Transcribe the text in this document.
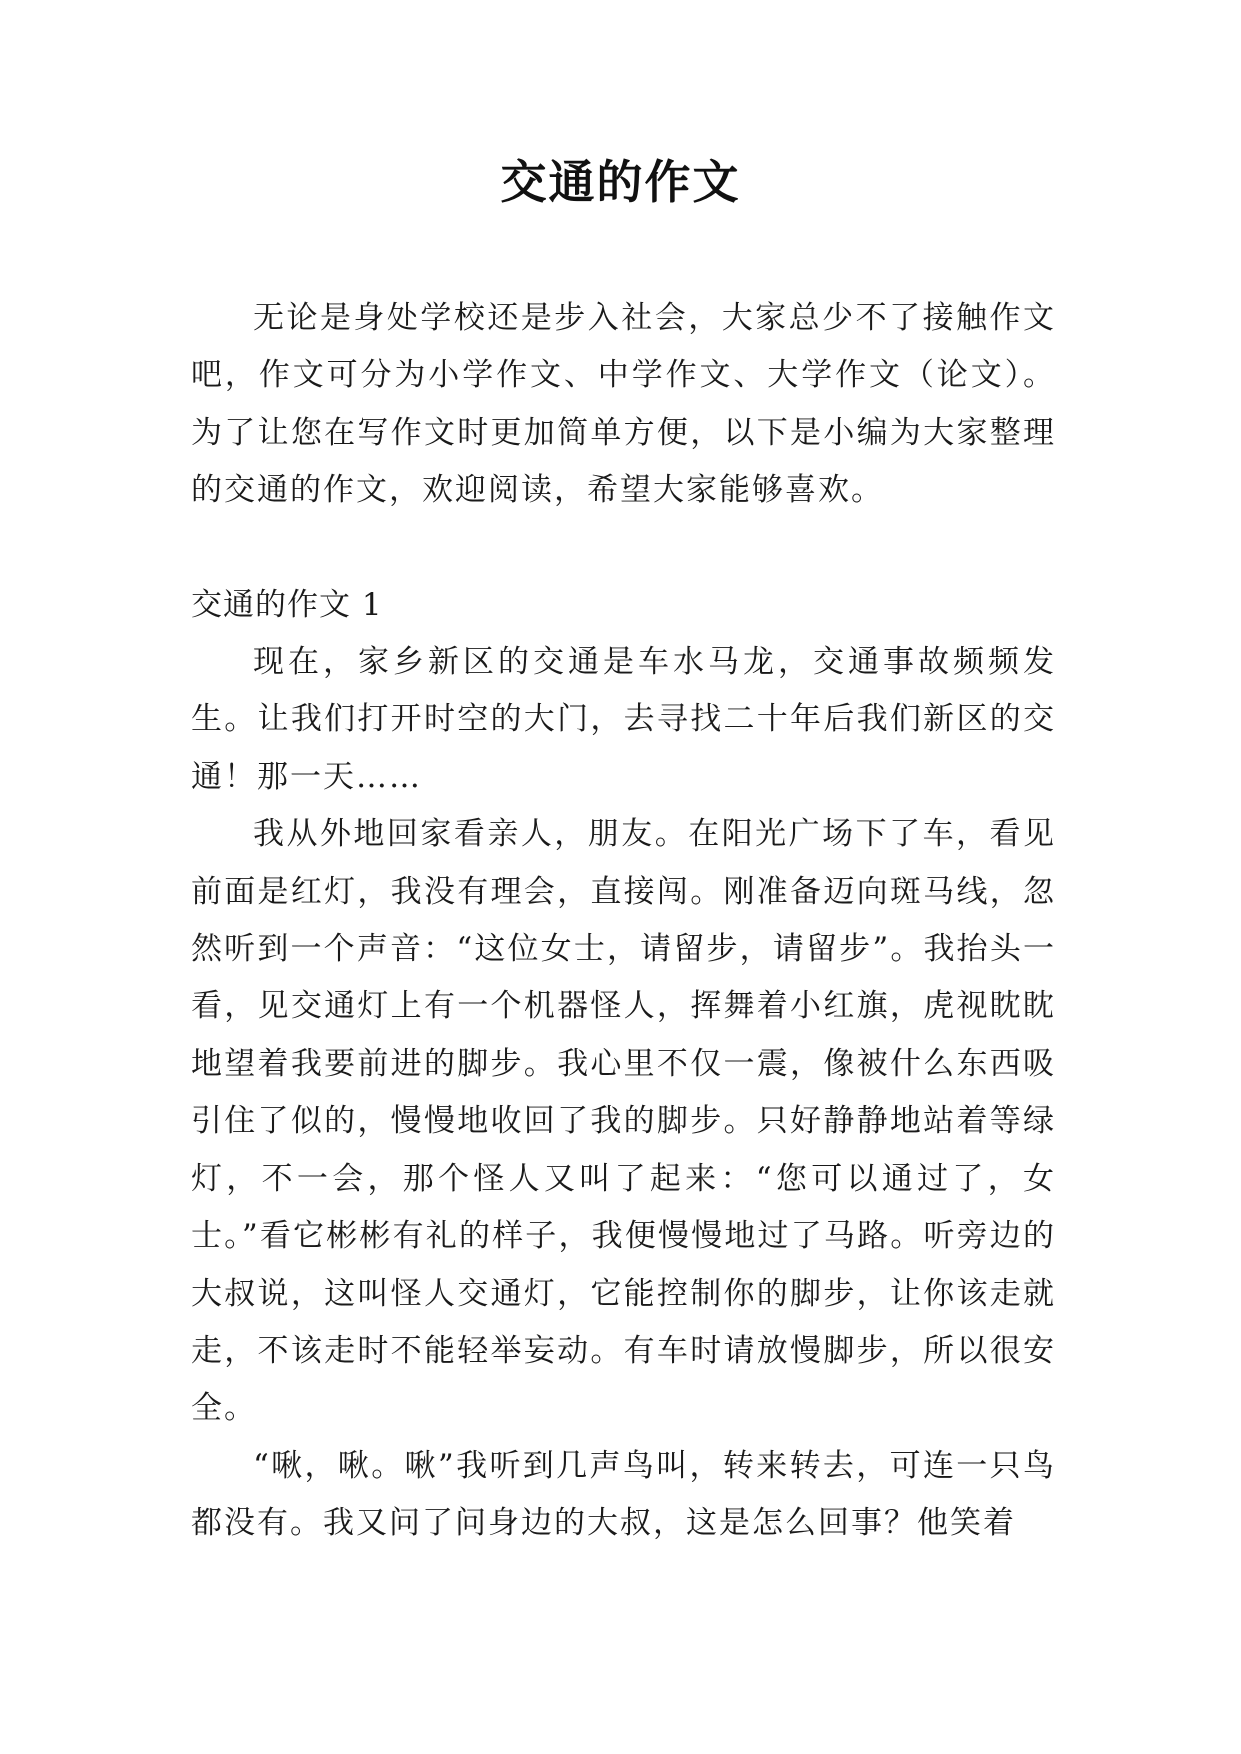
交通的作文

无论是身处学校还是步入社会，大家总少不了接触作文吧，作文可分为小学作文、中学作文、大学作文（论文）。为了让您在写作文时更加简单方便，以下是小编为大家整理的交通的作文，欢迎阅读，希望大家能够喜欢。

交通的作文 1

现在，家乡新区的交通是车水马龙，交通事故频频发生。让我们打开时空的大门，去寻找二十年后我们新区的交通！那一天……

我从外地回家看亲人，朋友。在阳光广场下了车，看见前面是红灯，我没有理会，直接闯。刚准备迈向斑马线，忽然听到一个声音：“这位女士，请留步，请留步”。我抬头一看，见交通灯上有一个机器怪人，挥舞着小红旗，虎视眈眈地望着我要前进的脚步。我心里不仅一震，像被什么东西吸引住了似的，慢慢地收回了我的脚步。只好静静地站着等绿灯，不一会，那个怪人又叫了起来：“您可以通过了，女士。”看它彬彬有礼的样子，我便慢慢地过了马路。听旁边的大叔说，这叫怪人交通灯，它能控制你的脚步，让你该走就走，不该走时不能轻举妄动。有车时请放慢脚步，所以很安全。

“啾，啾。啾”我听到几声鸟叫，转来转去，可连一只鸟都没有。我又问了问身边的大叔，这是怎么回事？他笑着
